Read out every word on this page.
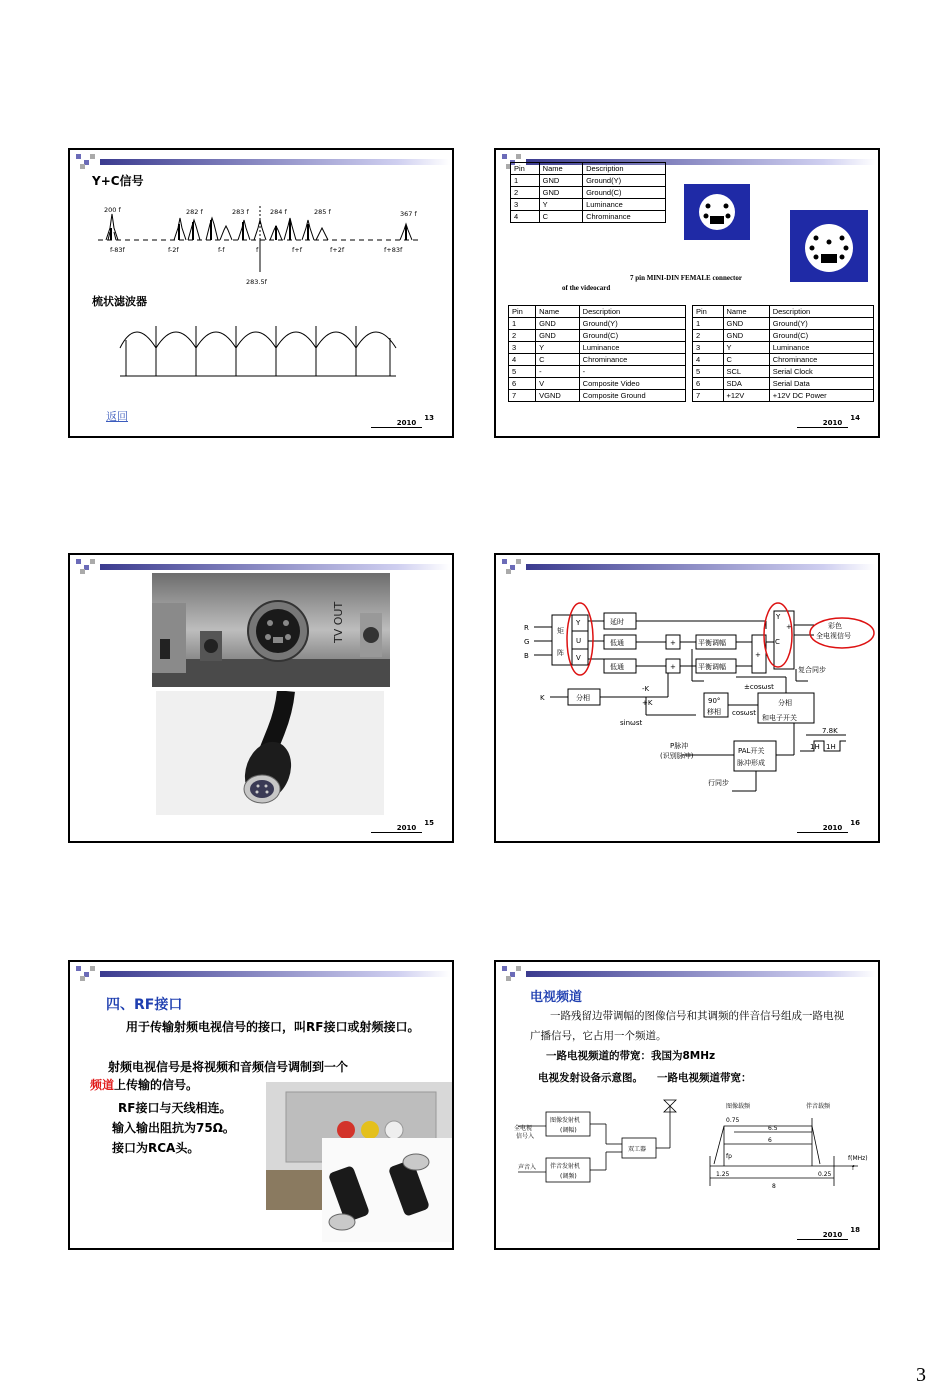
Y+C信号
200 f	282 f	283 f	284 f	285 f	367 f
f-83f	f-2f	f-f	f	f+f	f+2f	f+83f
283.5f
梳状滤波器
返回	201013
Pin	Name	Description
1	GND	Ground(Y)
2	GND	Ground(C)
3	Y	Luminance
4	C	Chrominance
7 pin MINI-DIN FEMALE connector
of the videocard
Pin	Name	Description
1	GND	Ground(Y)
2	GND	Ground(C)
3	Y	Luminance
4	C	Chrominance
5	-	-
6	V	Composite Video
7	VGND	Composite Ground
Pin	Name	Description
1	GND	Ground(Y)
2	GND	Ground(C)
3	Y	Luminance
4	C	Chrominance
5	SCL	Serial Clock
6	SDA	Serial Data
7	+12V	+12V DC Power
201014
TV OUT
201015
R
G
B
K
矩
阵
Y
U
V
延时
低通
低通
+
+
平衡调幅
平衡调幅
+
C
Y
+	彩色
全电视信号
复合同步
分相
-K
+K
±cosωst
90°
移相 cosωst
分相
和电子开关
sinωst
7.8K
1H 1H
P脉冲
(识别脉冲)
PAL开关
脉冲形成
行同步
201016
四、RF接口
用于传输射频电视信号的接口，叫RF接口或射频接口。
射频电视信号是将视频和音频信号调制到一个
频道上传输的信号。
RF接口与天线相连。
输入输出阻抗为75Ω。
接口为RCA头。
电视频道
一路残留边带调幅的图像信号和其调频的伴音信号组成一路电视广播信号，它占用一个频道。
一路电视频道的带宽：我国为8MHz
电视发射设备示意图。 一路电视频道带宽：
图像发射机
(调幅)
伴音发射机
(调频)
双工器
全电视
信号入
声音入
图像载频	伴音载频
0.75
6.5
6
fp
1.25	0.25
8
f(MHz)
f
201018
3
